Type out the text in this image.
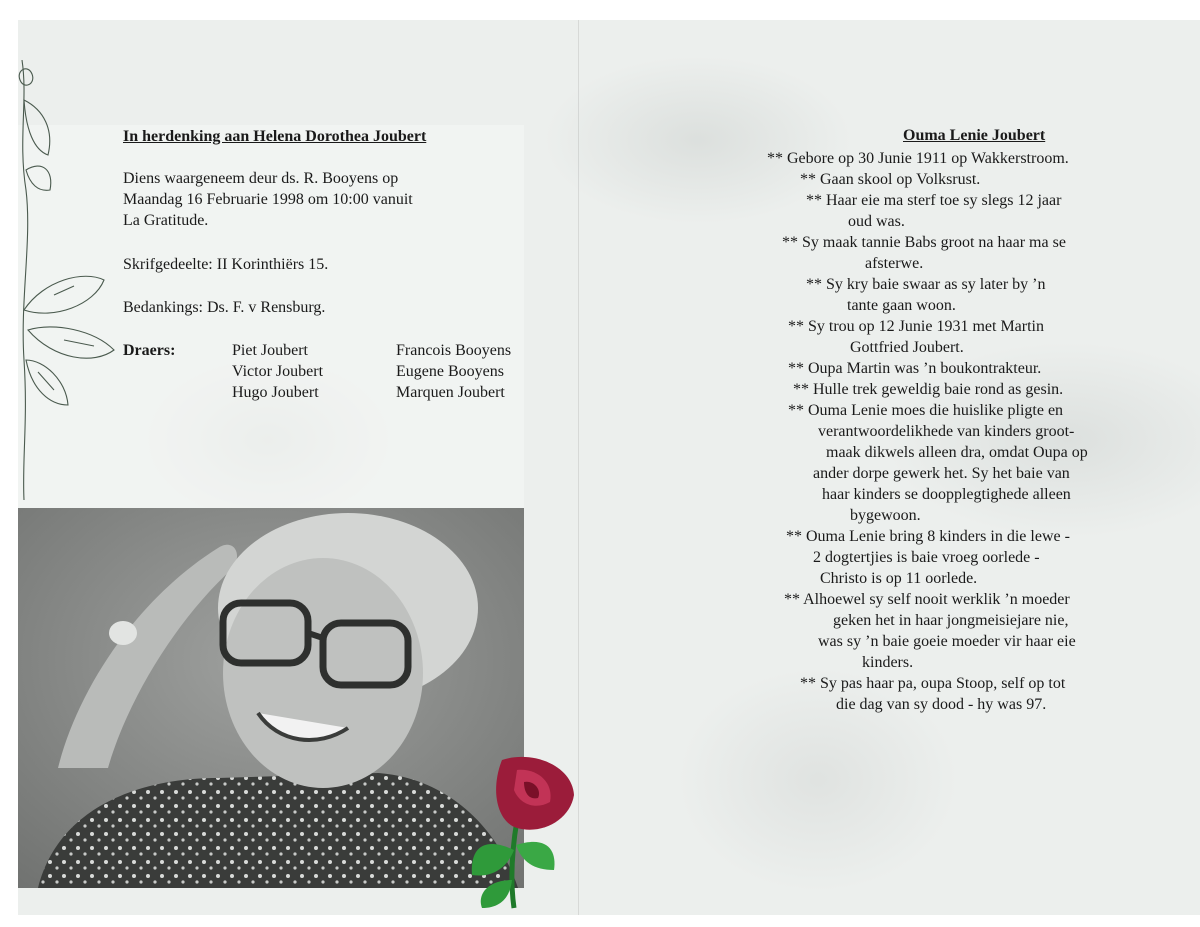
In herdenking aan Helena Dorothea Joubert
Diens waargeneem deur ds. R. Booyens op
Maandag 16 Februarie 1998 om 10:00 vanuit
La Gratitude.
Skrifgedeelte: II Korinthiërs 15.
Bedankings: Ds. F. v Rensburg.
Draers:	Piet Joubert
Victor Joubert
Hugo Joubert
Francois Booyens
Eugene Booyens
Marquen Joubert
Ouma Lenie Joubert
** Gebore op 30 Junie 1911 op Wakkerstroom.
** Gaan skool op Volksrust.
** Haar eie ma sterf toe sy slegs 12 jaar
oud was.
** Sy maak tannie Babs groot na haar ma se
afsterwe.
** Sy kry baie swaar as sy later by ’n
tante gaan woon.
** Sy trou op 12 Junie 1931 met Martin
Gottfried Joubert.
** Oupa Martin was ’n boukontrakteur.
** Hulle trek geweldig baie rond as gesin.
** Ouma Lenie moes die huislike pligte en
verantwoordelikhede van kinders groot-
maak dikwels alleen dra, omdat Oupa op
ander dorpe gewerk het. Sy het baie van
haar kinders se doopplegtighede alleen
bygewoon.
** Ouma Lenie bring 8 kinders in die lewe -
2 dogtertjies is baie vroeg oorlede -
Christo is op 11 oorlede.
** Alhoewel sy self nooit werklik ’n moeder
geken het in haar jongmeisiejare nie,
was sy ’n baie goeie moeder vir haar eie
kinders.
** Sy pas haar pa, oupa Stoop, self op tot
die dag van sy dood - hy was 97.
